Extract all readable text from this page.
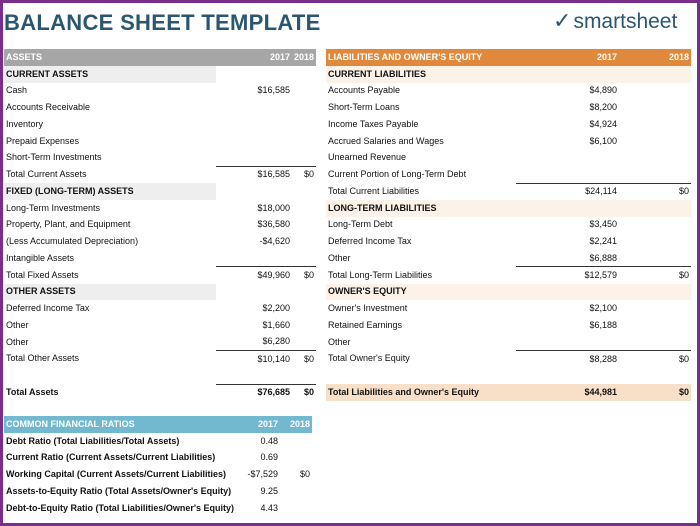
BALANCE SHEET TEMPLATE	✓smartsheet
ASSETS	2017	2018
CURRENT ASSETS		
Cash	$16,585	
Accounts Receivable		
Inventory		
Prepaid Expenses		
Short-Term Investments		
Total Current Assets	$16,585	$0
FIXED (LONG-TERM) ASSETS		
Long-Term Investments	$18,000	
Property, Plant, and Equipment	$36,580	
(Less Accumulated Depreciation)	-$4,620	
Intangible Assets		
Total Fixed Assets	$49,960	$0
OTHER ASSETS		
Deferred Income Tax	$2,200	
Other	$1,660	
Other	$6,280	
Total Other Assets	$10,140	$0

Total Assets	$76,685	$0
LIABILITIES AND OWNER'S EQUITY	2017	2018
CURRENT LIABILITIES		
Accounts Payable	$4,890	
Short-Term Loans	$8,200	
Income Taxes Payable	$4,924	
Accrued Salaries and Wages	$6,100	
Unearned Revenue		
Current Portion of Long-Term Debt		
Total Current Liabilities	$24,114	$0
LONG-TERM LIABILITIES		
Long-Term Debt	$3,450	
Deferred Income Tax	$2,241	
Other	$6,888	
Total Long-Term Liabilities	$12,579	$0
OWNER'S EQUITY		
Owner's Investment	$2,100	
Retained Earnings	$6,188	
Other		
Total Owner's Equity	$8,288	$0

Total Liabilities and Owner's Equity	$44,981	$0
COMMON FINANCIAL RATIOS	2017	2018
Debt Ratio (Total Liabilities/Total Assets)	0.48	
Current Ratio (Current Assets/Current Liabilities)	0.69	
Working Capital (Current Assets/Current Liabilities)	-$7,529	$0
Assets-to-Equity Ratio (Total Assets/Owner's Equity)	9.25	
Debt-to-Equity Ratio (Total Liabilities/Owner's Equity)	4.43	
